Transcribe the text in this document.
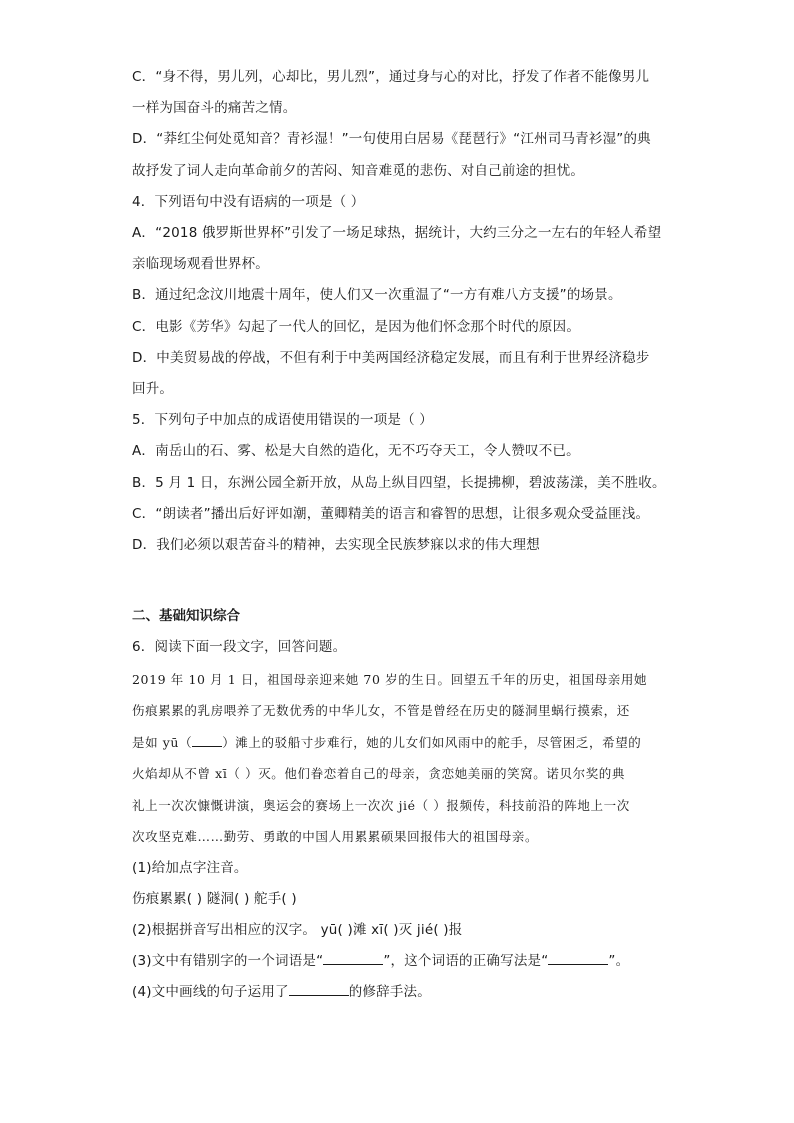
C．“身不得，男儿列，心却比，男儿烈”，通过身与心的对比，抒发了作者不能像男儿
一样为国奋斗的痛苦之情。
D．“莽红尘何处觅知音？青衫湿！”一句使用白居易《琵琶行》“江州司马青衫湿”的典
故抒发了词人走向革命前夕的苦闷、知音难觅的悲伤、对自己前途的担忧。
4．下列语句中没有语病的一项是（ ）
A．“2018 俄罗斯世界杯”引发了一场足球热，据统计，大约三分之一左右的年轻人希望
亲临现场观看世界杯。
B．通过纪念汶川地震十周年，使人们又一次重温了“一方有难八方支援”的场景。
C．电影《芳华》勾起了一代人的回忆，是因为他们怀念那个时代的原因。
D．中美贸易战的停战，不但有利于中美两国经济稳定发展，而且有利于世界经济稳步
回升。
5．下列句子中加点的成语使用错误的一项是（ ）
A．南岳山的石、雾、松是大自然的造化，无不巧夺天工，令人赞叹不已。
B．5 月 1 日，东洲公园全新开放，从岛上纵目四望，长提拂柳，碧波荡漾，美不胜收。
C．“朗读者”播出后好评如潮，董卿精美的语言和睿智的思想，让很多观众受益匪浅。
D．我们必须以艰苦奋斗的精神，去实现全民族梦寐以求的伟大理想
二、基础知识综合
6．阅读下面一段文字，回答问题。
2019 年 10 月 1 日，祖国母亲迎来她 70 岁的生日。回望五千年的历史，祖国母亲用她
伤痕累累的乳房喂养了无数优秀的中华儿女，不管是曾经在历史的隧洞里蜗行摸索，还
是如 yū（ ）滩上的驳船寸步难行，她的儿女们如风雨中的舵手，尽管困乏，希望的
火焰却从不曾 xī（ ）灭。他们眷恋着自己的母亲，贪恋她美丽的笑窝。诺贝尔奖的典
礼上一次次慷慨讲演，奥运会的赛场上一次次 jié（ ）报频传，科技前沿的阵地上一次
次攻坚克难……勤劳、勇敢的中国人用累累硕果回报伟大的祖国母亲。
(1)给加点字注音。
伤痕累累( ) 隧洞( ) 舵手( )
(2)根据拼音写出相应的汉字。 yū( )滩 xī( )灭 jié( )报
(3)文中有错别字的一个词语是“	”，这个词语的正确写法是“	”。
(4)文中画线的句子运用了	的修辞手法。
